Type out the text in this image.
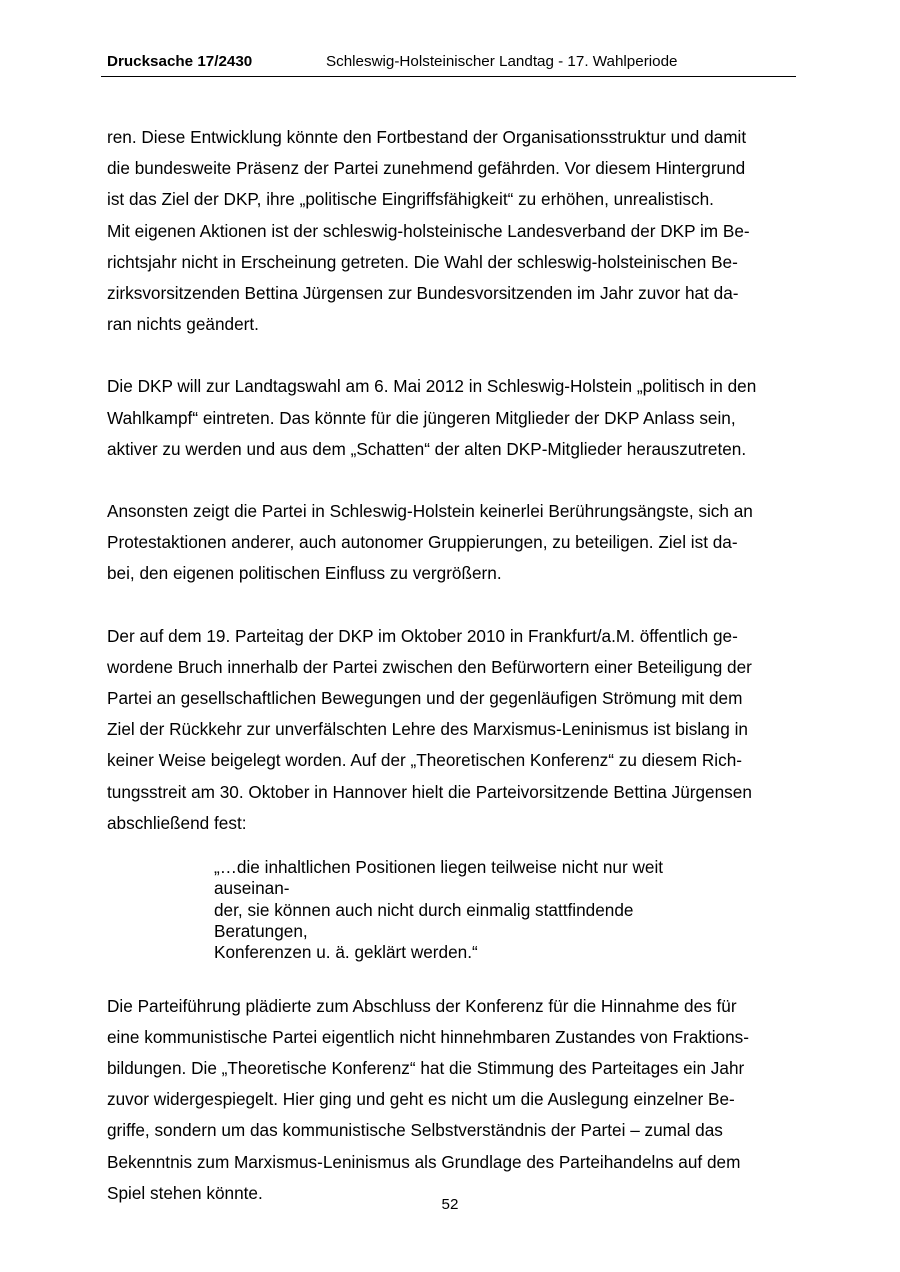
Drucksache 17/2430	Schleswig-Holsteinischer Landtag - 17. Wahlperiode

ren. Diese Entwicklung könnte den Fortbestand der Organisationsstruktur und damit
die bundesweite Präsenz der Partei zunehmend gefährden. Vor diesem Hintergrund
ist das Ziel der DKP, ihre „politische Eingriffsfähigkeit“ zu erhöhen, unrealistisch.
Mit eigenen Aktionen ist der schleswig-holsteinische Landesverband der DKP im Be-
richtsjahr nicht in Erscheinung getreten. Die Wahl der schleswig-holsteinischen Be-
zirksvorsitzenden Bettina Jürgensen zur Bundesvorsitzenden im Jahr zuvor hat da-
ran nichts geändert.

Die DKP will zur Landtagswahl am 6. Mai 2012 in Schleswig-Holstein „politisch in den
Wahlkampf“ eintreten. Das könnte für die jüngeren Mitglieder der DKP Anlass sein,
aktiver zu werden und aus dem „Schatten“ der alten DKP-Mitglieder herauszutreten.

Ansonsten zeigt die Partei in Schleswig-Holstein keinerlei Berührungsängste, sich an
Protestaktionen anderer, auch autonomer Gruppierungen, zu beteiligen. Ziel ist da-
bei, den eigenen politischen Einfluss zu vergrößern.

Der auf dem 19. Parteitag der DKP im Oktober 2010 in Frankfurt/a.M. öffentlich ge-
wordene Bruch innerhalb der Partei zwischen den Befürwortern einer Beteiligung der
Partei an gesellschaftlichen Bewegungen und der gegenläufigen Strömung mit dem
Ziel der Rückkehr zur unverfälschten Lehre des Marxismus-Leninismus ist bislang in
keiner Weise beigelegt worden. Auf der „Theoretischen Konferenz“ zu diesem Rich-
tungsstreit am 30. Oktober in Hannover hielt die Parteivorsitzende Bettina Jürgensen
abschließend fest:

„…die inhaltlichen Positionen liegen teilweise nicht nur weit auseinan-
der, sie können auch nicht durch einmalig stattfindende Beratungen,
Konferenzen u. ä. geklärt werden.“

Die Parteiführung plädierte zum Abschluss der Konferenz für die Hinnahme des für
eine kommunistische Partei eigentlich nicht hinnehmbaren Zustandes von Fraktions-
bildungen. Die „Theoretische Konferenz“ hat die Stimmung des Parteitages ein Jahr
zuvor widergespiegelt. Hier ging und geht es nicht um die Auslegung einzelner Be-
griffe, sondern um das kommunistische Selbstverständnis der Partei – zumal das
Bekenntnis zum Marxismus-Leninismus als Grundlage des Parteihandelns auf dem
Spiel stehen könnte.

52
